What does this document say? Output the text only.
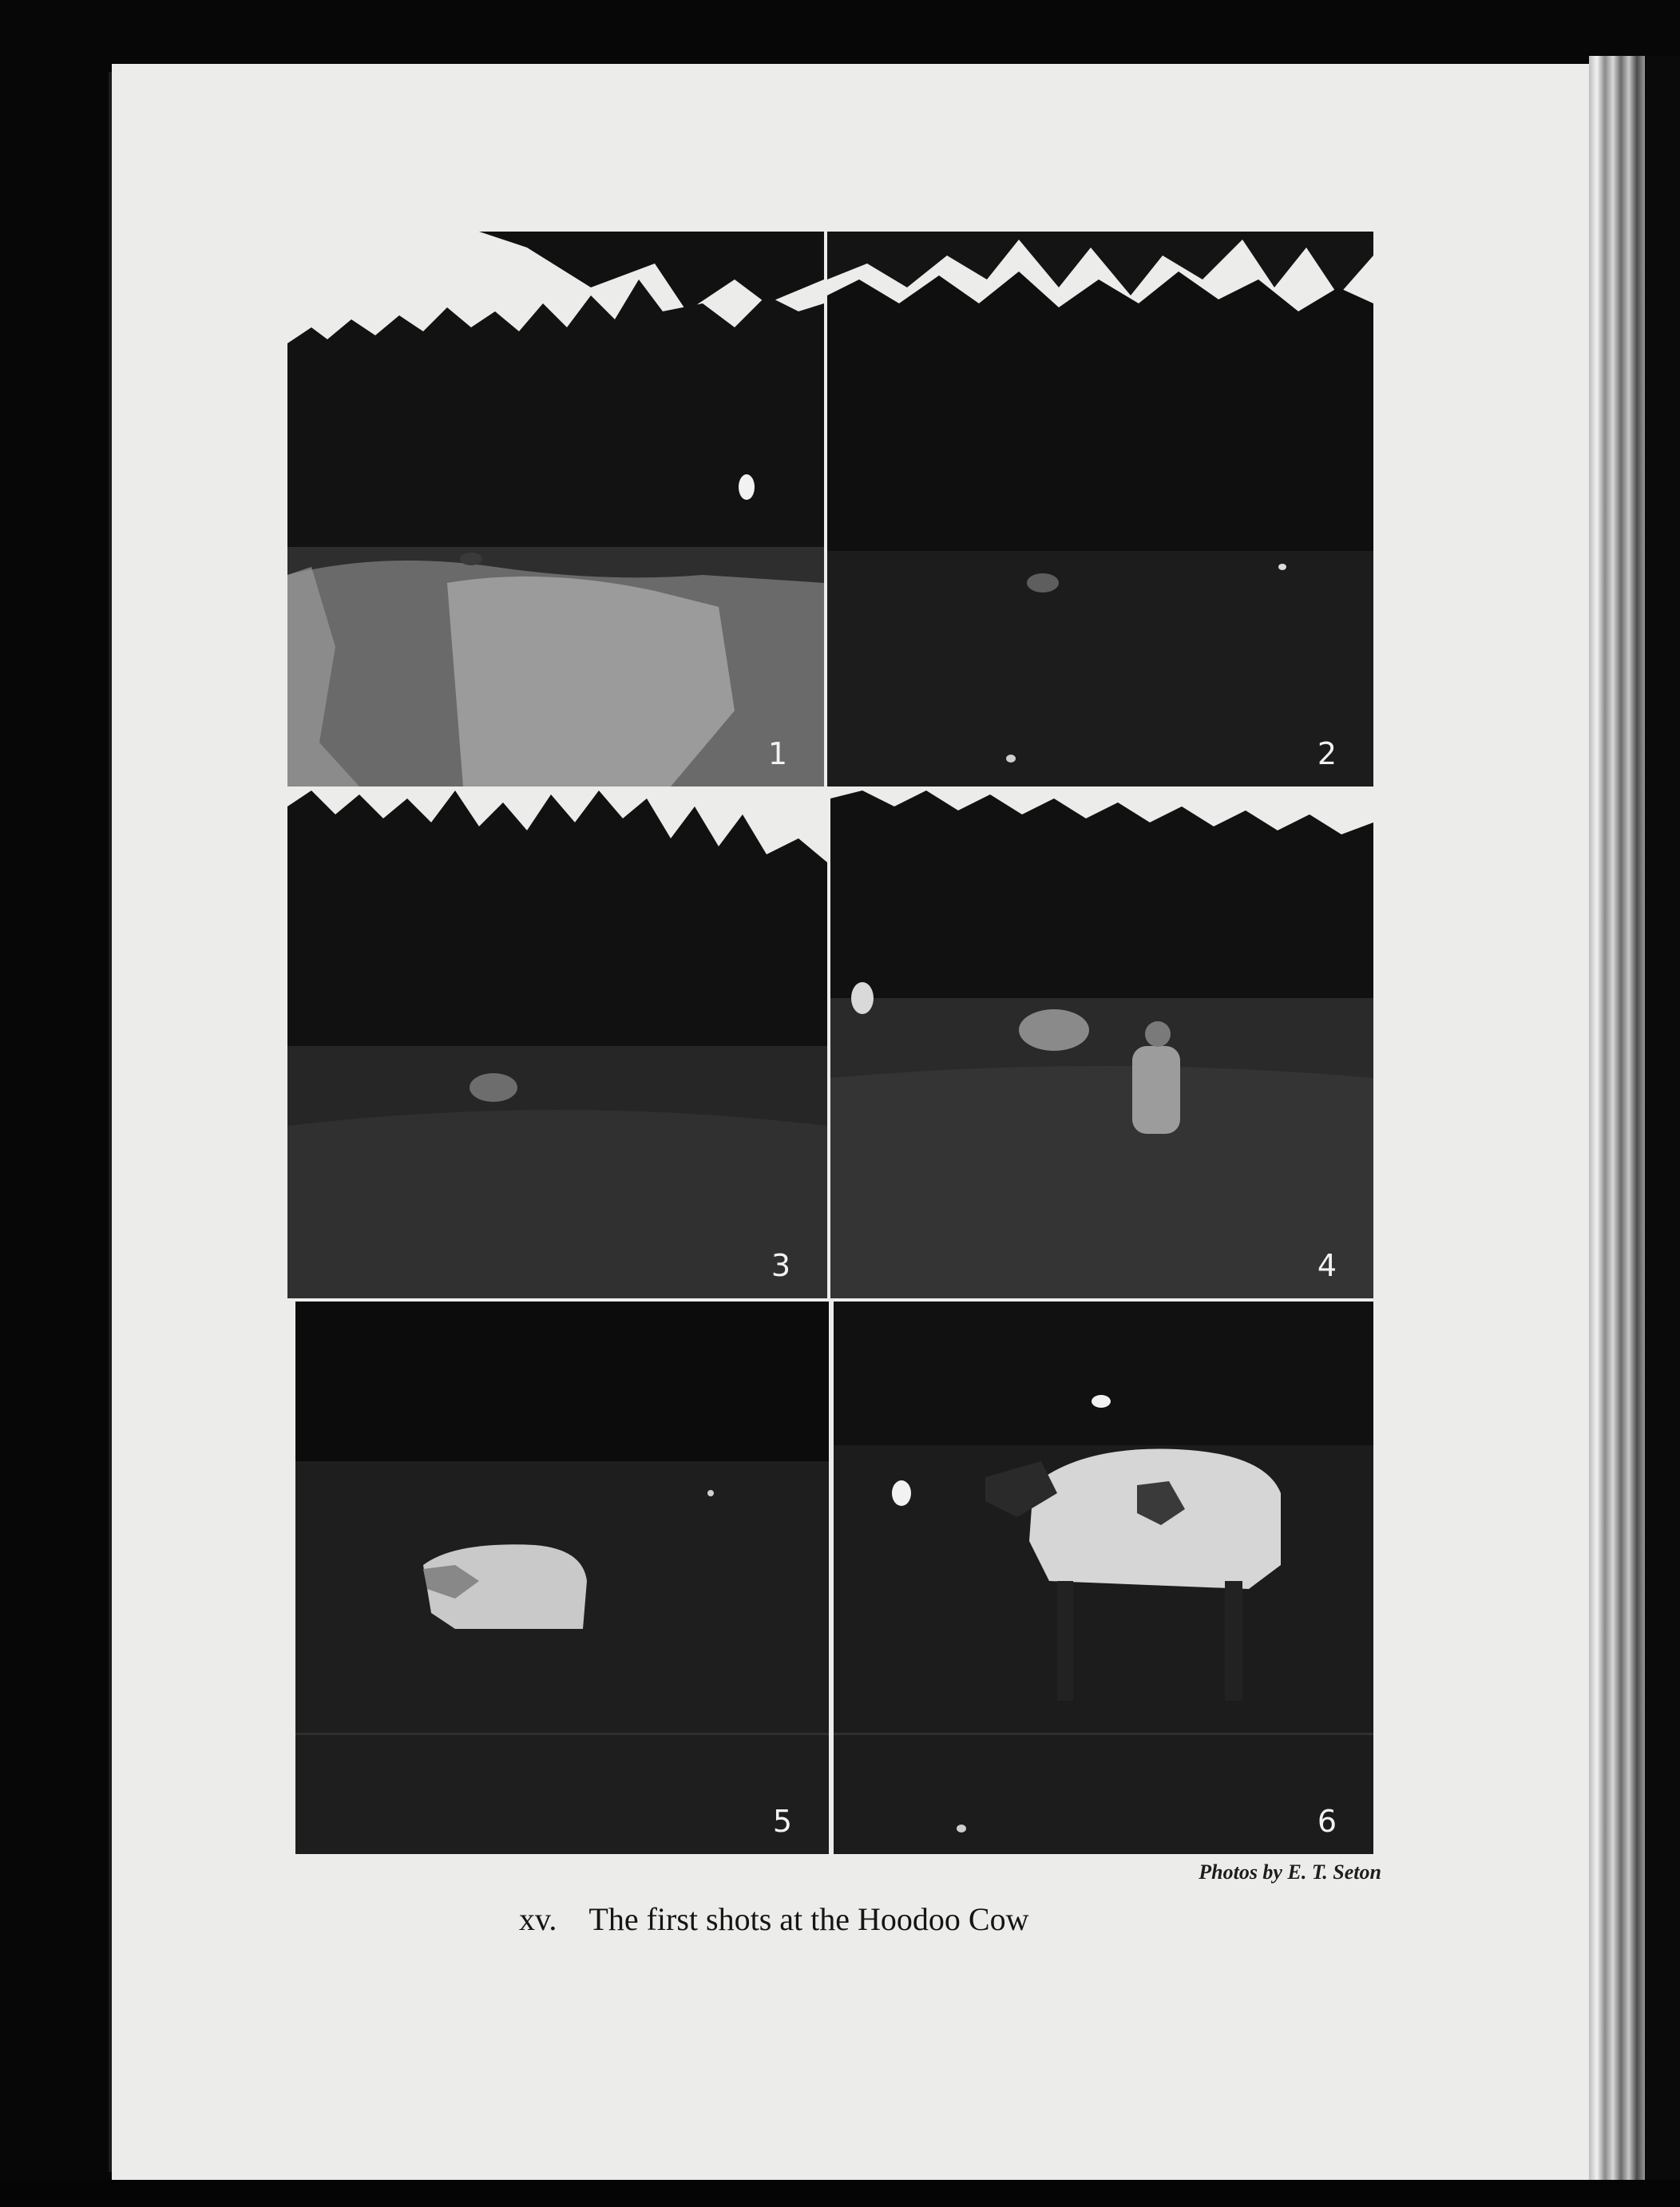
1	2
3	4
5	6

Photos by E. T. Seton

xv. The first shots at the Hoodoo Cow
